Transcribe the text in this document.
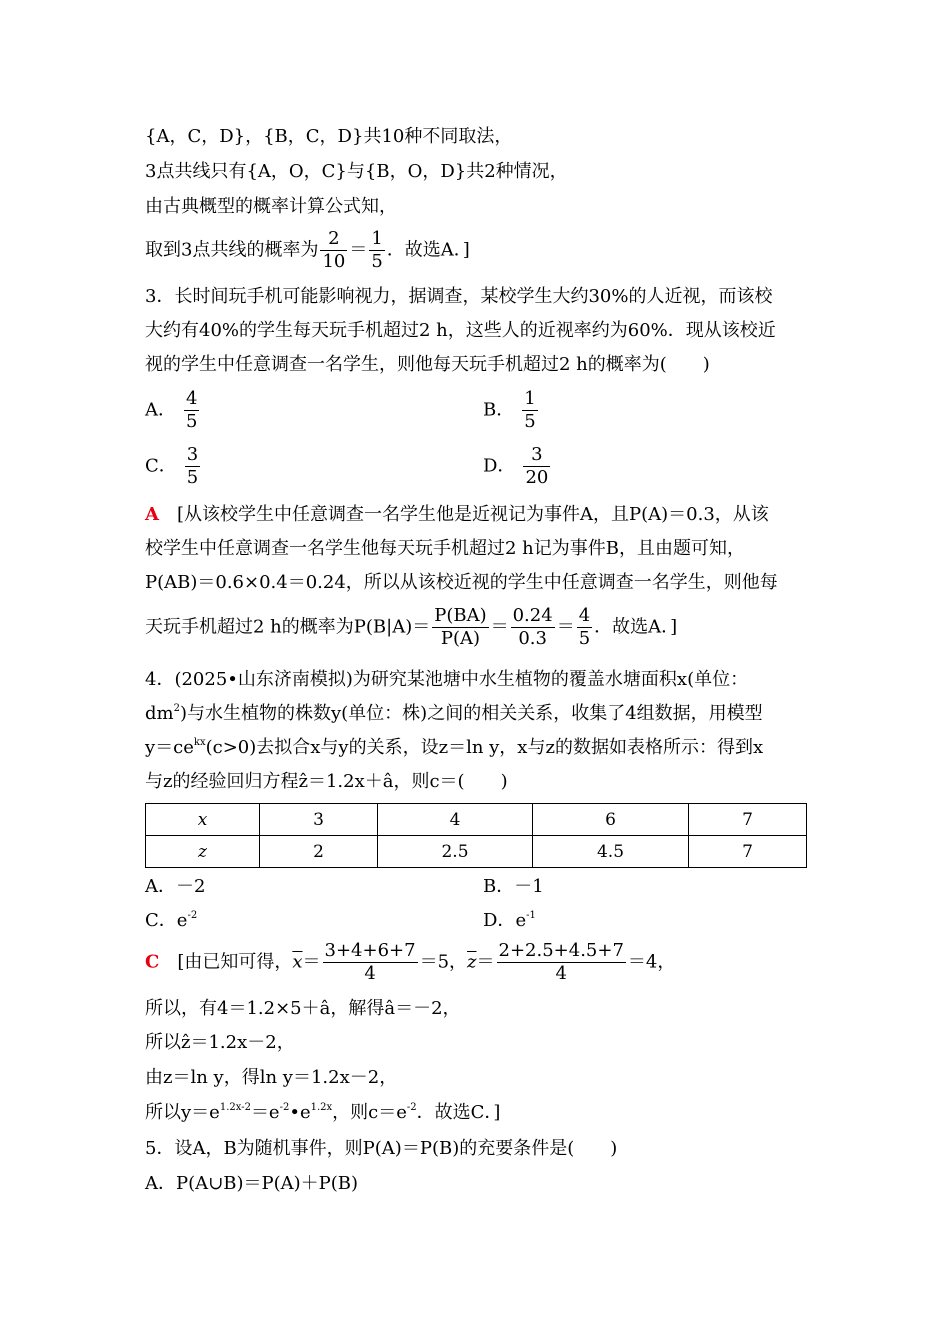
{A，C，D}，{B，C，D}共10种不同取法，
3点共线只有{A，O，C}与{B，O，D}共2种情况，
由古典概型的概率计算公式知，
取到3点共线的概率为 $\frac{2}{10} = \frac{1}{5}$ ．故选A．]
3．长时间玩手机可能影响视力，据调查，某校学生大约30%的人近视，而该校
大约有40%的学生每天玩手机超过2 h，这些人的近视率约为60%．现从该校近
视的学生中任意调查一名学生，则他每天玩手机超过2 h的概率为(　　)
A． $\frac{4}{5}$	B． $\frac{1}{5}$
C． $\frac{3}{5}$	D． $\frac{3}{20}$
A　 [从该校学生中任意调查一名学生他是近视记为事件A，且P(A)＝0.3，从该
校学生中任意调查一名学生他每天玩手机超过2 h记为事件B，且由题可知，
P(AB)＝0.6×0.4＝0.24，所以从该校近视的学生中任意调查一名学生，则他每
天玩手机超过2 h的概率为$P(B|A)= \frac{P(BA)}{P(A)} = \frac{0.24}{0.3} = \frac{4}{5}$ ．故选A．]
4．(2025•山东济南模拟)为研究某池塘中水生植物的覆盖水塘面积x(单位：
$dm^2$)与水生植物的株数y(单位：株)之间的相关关系，收集了4组数据，用模型
$y=ce^{kx}(c>0)$去拟合x与y的关系，设z＝ln y，x与z的数据如表格所示：得到x
与z的经验回归方程ẑ＝1.2x＋â，则c＝(　　)
x	3	4	6	7
z	2	2.5	4.5	7
A．－2	B．－1
C．$e^{-2}$	D．$e^{-1}$
C　 [由已知可得，$\overline{x}= \frac{3+4+6+7}{4} =5$，$\overline{z}= \frac{2+2.5+4.5+7}{4} =4$，
所以，有4＝1.2×5＋â，解得â＝－2，
所以ẑ＝1.2x－2，
由z＝ln y，得ln y＝1.2x－2，
所以$y=e^{1.2x-2}=e^{-2}•e^{1.2x}$，则$c=e^{-2}$．故选C．]
5．设A，B为随机事件，则P(A)＝P(B)的充要条件是(　　)
A．P(A∪B)＝P(A)＋P(B)
